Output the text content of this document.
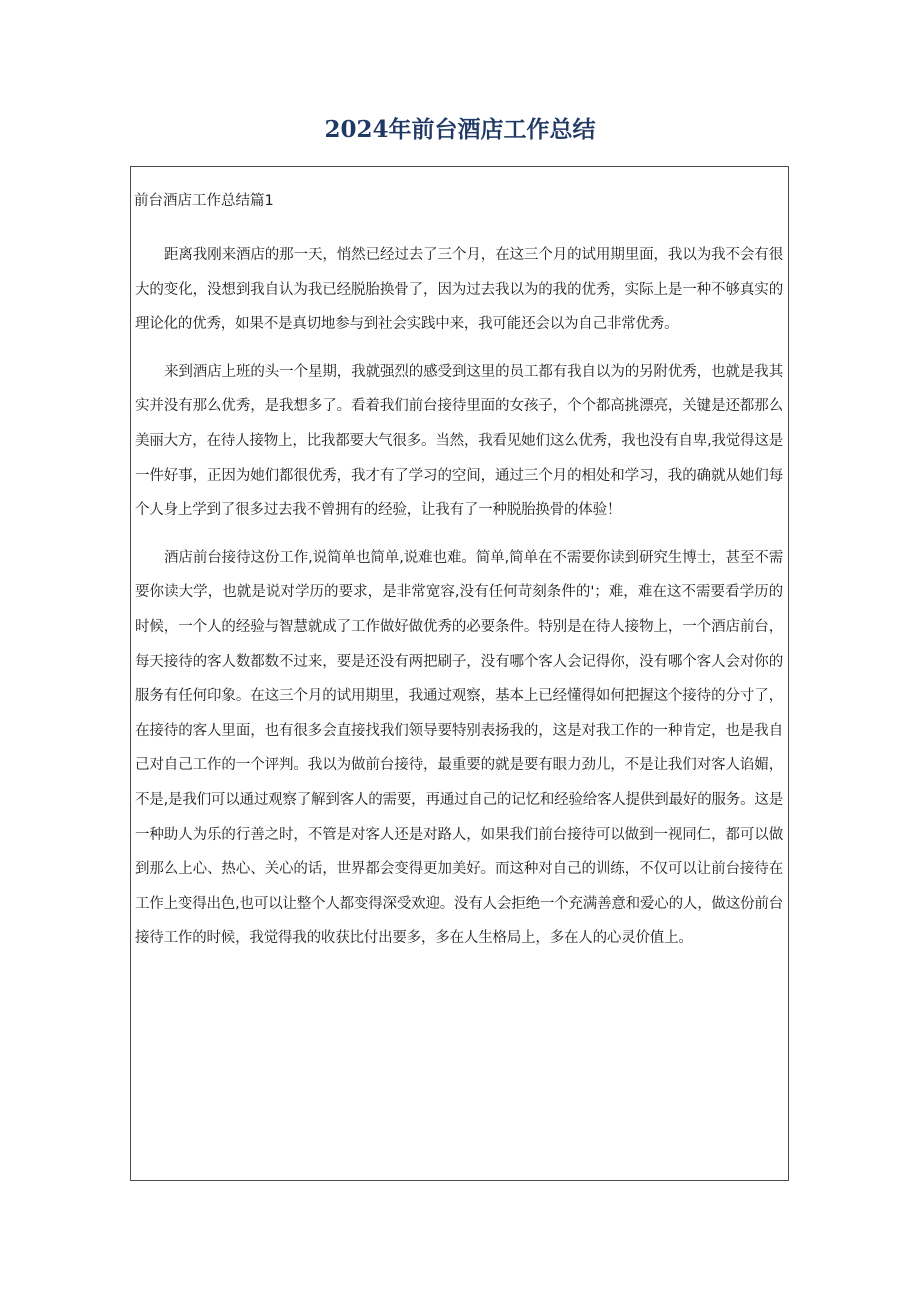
2024年前台酒店工作总结
前台酒店工作总结篇1

距离我刚来酒店的那一天，悄然已经过去了三个月，在这三个月的试用期里面，我以为我不会有很大的变化，没想到我自认为我已经脱胎换骨了，因为过去我以为的我的优秀，实际上是一种不够真实的理论化的优秀，如果不是真切地参与到社会实践中来，我可能还会以为自己非常优秀。

来到酒店上班的头一个星期，我就强烈的感受到这里的员工都有我自以为的另附优秀，也就是我其实并没有那么优秀，是我想多了。看着我们前台接待里面的女孩子，个个都高挑漂亮，关键是还都那么美丽大方，在待人接物上，比我都要大气很多。当然，我看见她们这么优秀，我也没有自卑,我觉得这是一件好事，正因为她们都很优秀，我才有了学习的空间，通过三个月的相处和学习，我的确就从她们每个人身上学到了很多过去我不曾拥有的经验，让我有了一种脱胎换骨的体验！

酒店前台接待这份工作,说简单也简单,说难也难。简单,简单在不需要你读到研究生博士，甚至不需要你读大学，也就是说对学历的要求，是非常宽容,没有任何苛刻条件的'；难，难在这不需要看学历的时候，一个人的经验与智慧就成了工作做好做优秀的必要条件。特别是在待人接物上，一个酒店前台，每天接待的客人数都数不过来，要是还没有两把刷子，没有哪个客人会记得你，没有哪个客人会对你的服务有任何印象。在这三个月的试用期里，我通过观察，基本上已经懂得如何把握这个接待的分寸了，在接待的客人里面，也有很多会直接找我们领导要特别表扬我的，这是对我工作的一种肯定，也是我自己对自己工作的一个评判。我以为做前台接待，最重要的就是要有眼力劲儿，不是让我们对客人谄媚，不是,是我们可以通过观察了解到客人的需要，再通过自己的记忆和经验给客人提供到最好的服务。这是一种助人为乐的行善之时，不管是对客人还是对路人，如果我们前台接待可以做到一视同仁，都可以做到那么上心、热心、关心的话，世界都会变得更加美好。而这种对自己的训练，不仅可以让前台接待在工作上变得出色,也可以让整个人都变得深受欢迎。没有人会拒绝一个充满善意和爱心的人，做这份前台接待工作的时候，我觉得我的收获比付出要多，多在人生格局上，多在人的心灵价值上。
